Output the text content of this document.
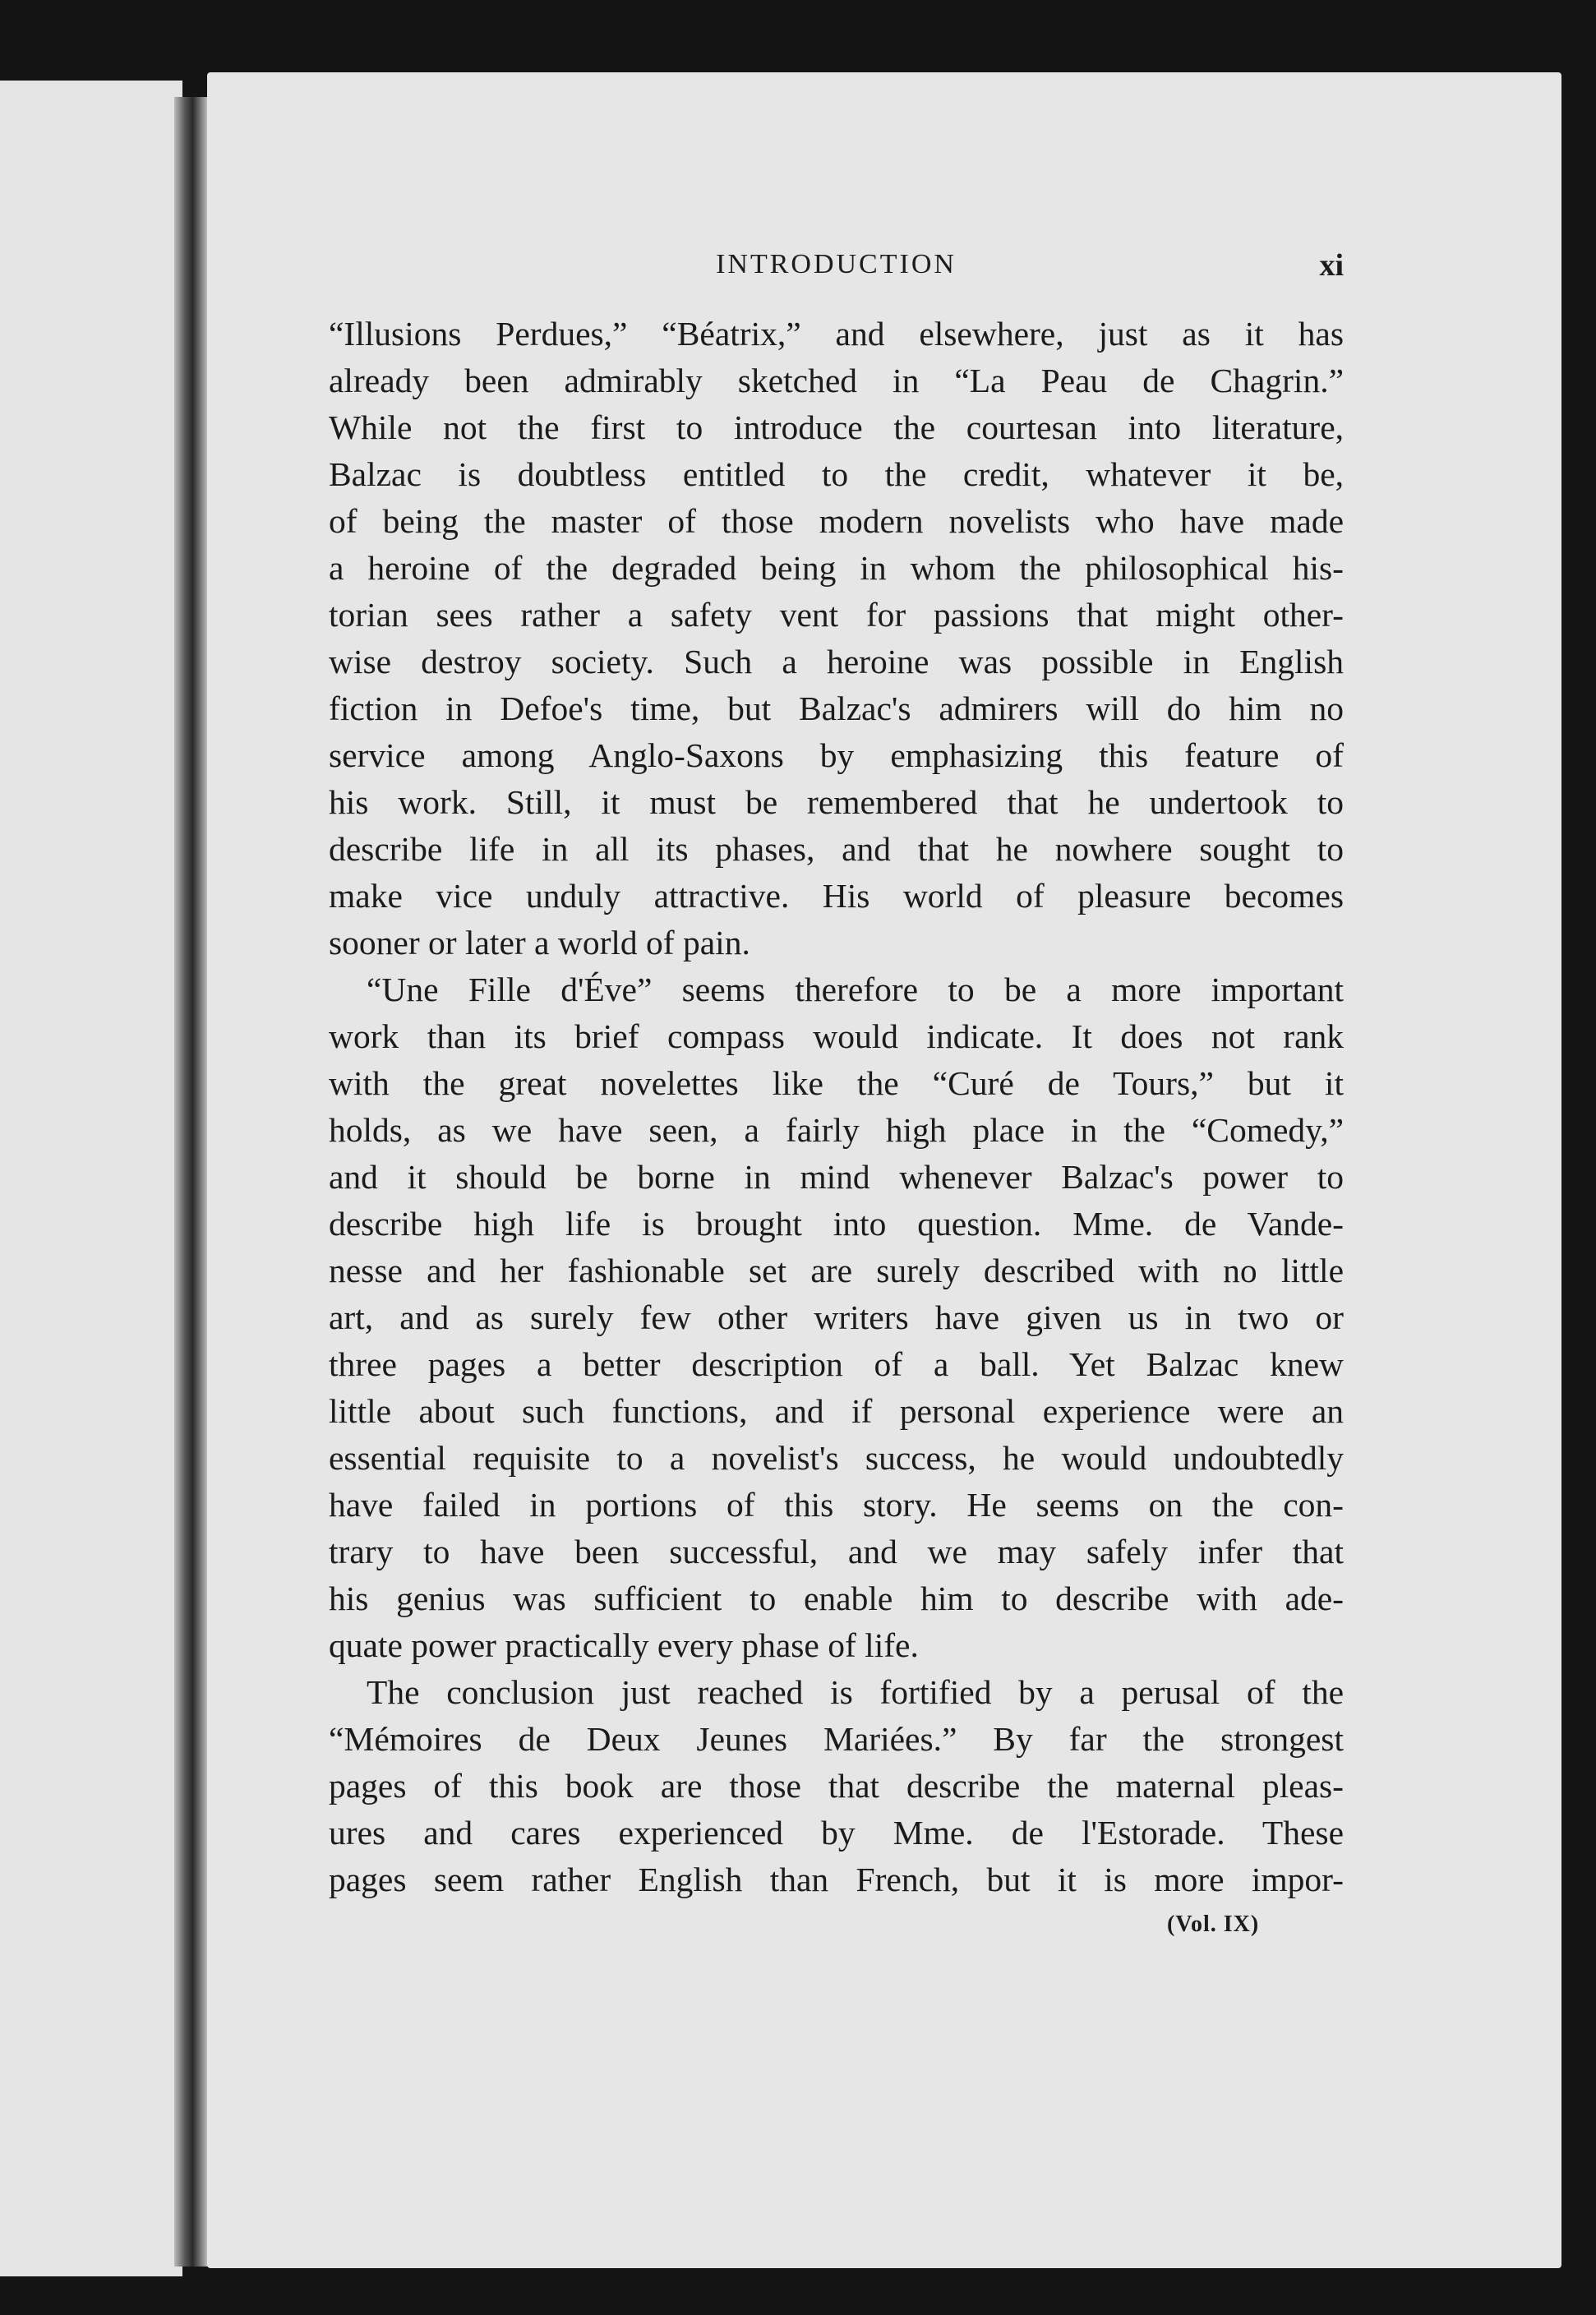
INTRODUCTION	xi
“Illusions Perdues,” “Béatrix,” and elsewhere, just as it has
already been admirably sketched in “La Peau de Chagrin.”
While not the first to introduce the courtesan into literature,
Balzac is doubtless entitled to the credit, whatever it be,
of being the master of those modern novelists who have made
a heroine of the degraded being in whom the philosophical his-
torian sees rather a safety vent for passions that might other-
wise destroy society. Such a heroine was possible in English
fiction in Defoe's time, but Balzac's admirers will do him no
service among Anglo-Saxons by emphasizing this feature of
his work. Still, it must be remembered that he undertook to
describe life in all its phases, and that he nowhere sought to
make vice unduly attractive. His world of pleasure becomes
sooner or later a world of pain.
“Une Fille d'Éve” seems therefore to be a more important
work than its brief compass would indicate. It does not rank
with the great novelettes like the “Curé de Tours,” but it
holds, as we have seen, a fairly high place in the “Comedy,”
and it should be borne in mind whenever Balzac's power to
describe high life is brought into question. Mme. de Vande-
nesse and her fashionable set are surely described with no little
art, and as surely few other writers have given us in two or
three pages a better description of a ball. Yet Balzac knew
little about such functions, and if personal experience were an
essential requisite to a novelist's success, he would undoubtedly
have failed in portions of this story. He seems on the con-
trary to have been successful, and we may safely infer that
his genius was sufficient to enable him to describe with ade-
quate power practically every phase of life.
The conclusion just reached is fortified by a perusal of the
“Mémoires de Deux Jeunes Mariées.” By far the strongest
pages of this book are those that describe the maternal pleas-
ures and cares experienced by Mme. de l'Estorade. These
pages seem rather English than French, but it is more impor-
(Vol. IX)
